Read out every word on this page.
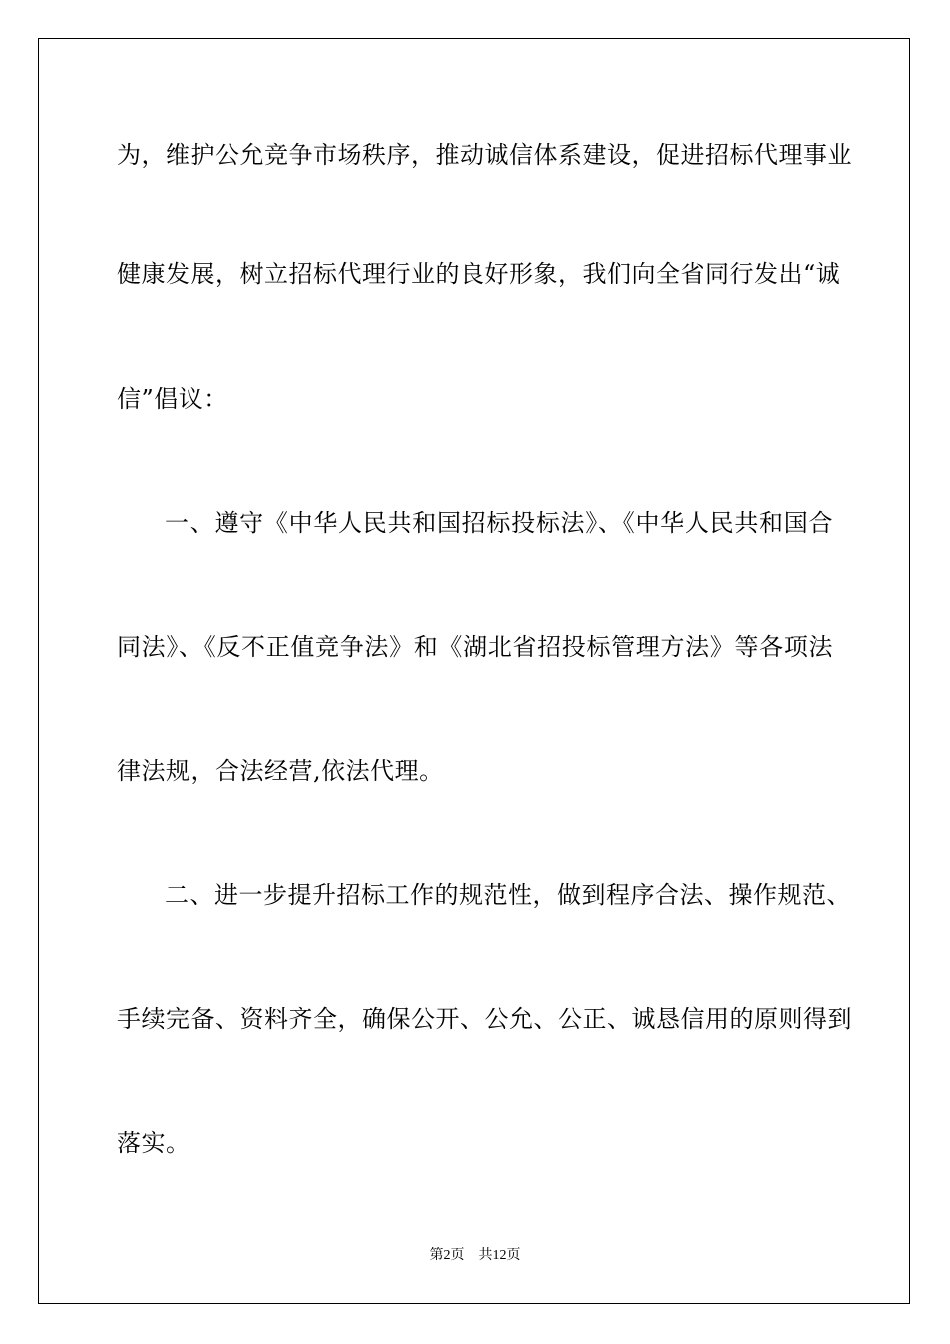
为，维护公允竞争市场秩序，推动诚信体系建设，促进招标代理事业
健康发展，树立招标代理行业的良好形象，我们向全省同行发出“诚
信”倡议：
一、遵守《中华人民共和国招标投标法》、《中华人民共和国合
同法》、《反不正值竞争法》和《湖北省招投标管理方法》等各项法
律法规，合法经营,依法代理。
二、进一步提升招标工作的规范性，做到程序合法、操作规范、
手续完备、资料齐全，确保公开、公允、公正、诚恳信用的原则得到
落实。
第2页 共12页
